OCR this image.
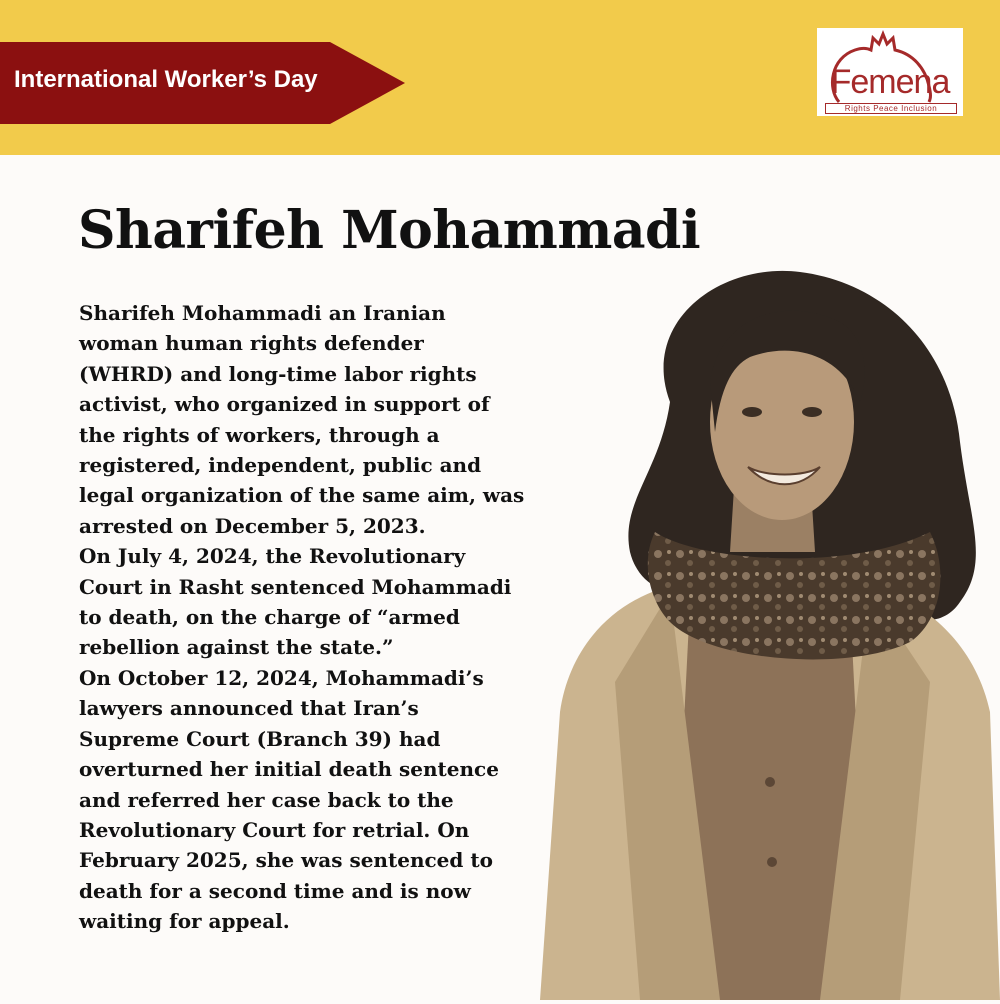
International Worker’s Day	Femena
Rights Peace Inclusion
Sharifeh Mohammadi

Sharifeh Mohammadi an Iranian

woman human rights defender

(WHRD) and long-time labor rights

activist, who organized in support of

the rights of workers, through a

registered, independent, public and

legal organization of the same aim, was

arrested on December 5, 2023.

On July 4, 2024, the Revolutionary

Court in Rasht sentenced Mohammadi

to death, on the charge of “armed

rebellion against the state.”

On October 12, 2024, Mohammadi’s

lawyers announced that Iran’s

Supreme Court (Branch 39) had

overturned her initial death sentence

and referred her case back to the

Revolutionary Court for retrial. On

February 2025, she was sentenced to

death for a second time and is now

waiting for appeal.
